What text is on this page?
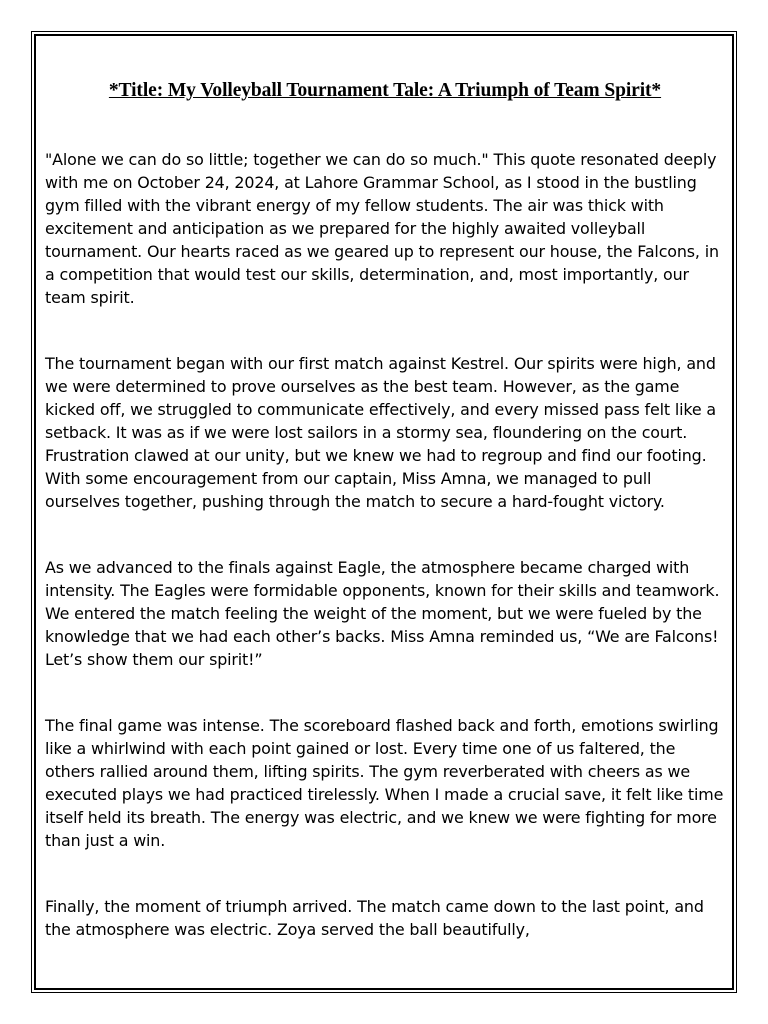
*Title: My Volleyball Tournament Tale: A Triumph of Team Spirit*

"Alone we can do so little; together we can do so much." This quote resonated deeply with me on October 24, 2024, at Lahore Grammar School, as I stood in the bustling gym filled with the vibrant energy of my fellow students. The air was thick with excitement and anticipation as we prepared for the highly awaited volleyball tournament. Our hearts raced as we geared up to represent our house, the Falcons, in a competition that would test our skills, determination, and, most importantly, our team spirit.

The tournament began with our first match against Kestrel. Our spirits were high, and we were determined to prove ourselves as the best team. However, as the game kicked off, we struggled to communicate effectively, and every missed pass felt like a setback. It was as if we were lost sailors in a stormy sea, floundering on the court. Frustration clawed at our unity, but we knew we had to regroup and find our footing. With some encouragement from our captain, Miss Amna, we managed to pull ourselves together, pushing through the match to secure a hard-fought victory.

As we advanced to the finals against Eagle, the atmosphere became charged with intensity. The Eagles were formidable opponents, known for their skills and teamwork. We entered the match feeling the weight of the moment, but we were fueled by the knowledge that we had each other’s backs. Miss Amna reminded us, “We are Falcons! Let’s show them our spirit!”

The final game was intense. The scoreboard flashed back and forth, emotions swirling like a whirlwind with each point gained or lost. Every time one of us faltered, the others rallied around them, lifting spirits. The gym reverberated with cheers as we executed plays we had practiced tirelessly. When I made a crucial save, it felt like time itself held its breath. The energy was electric, and we knew we were fighting for more than just a win.

Finally, the moment of triumph arrived. The match came down to the last point, and the atmosphere was electric. Zoya served the ball beautifully,
